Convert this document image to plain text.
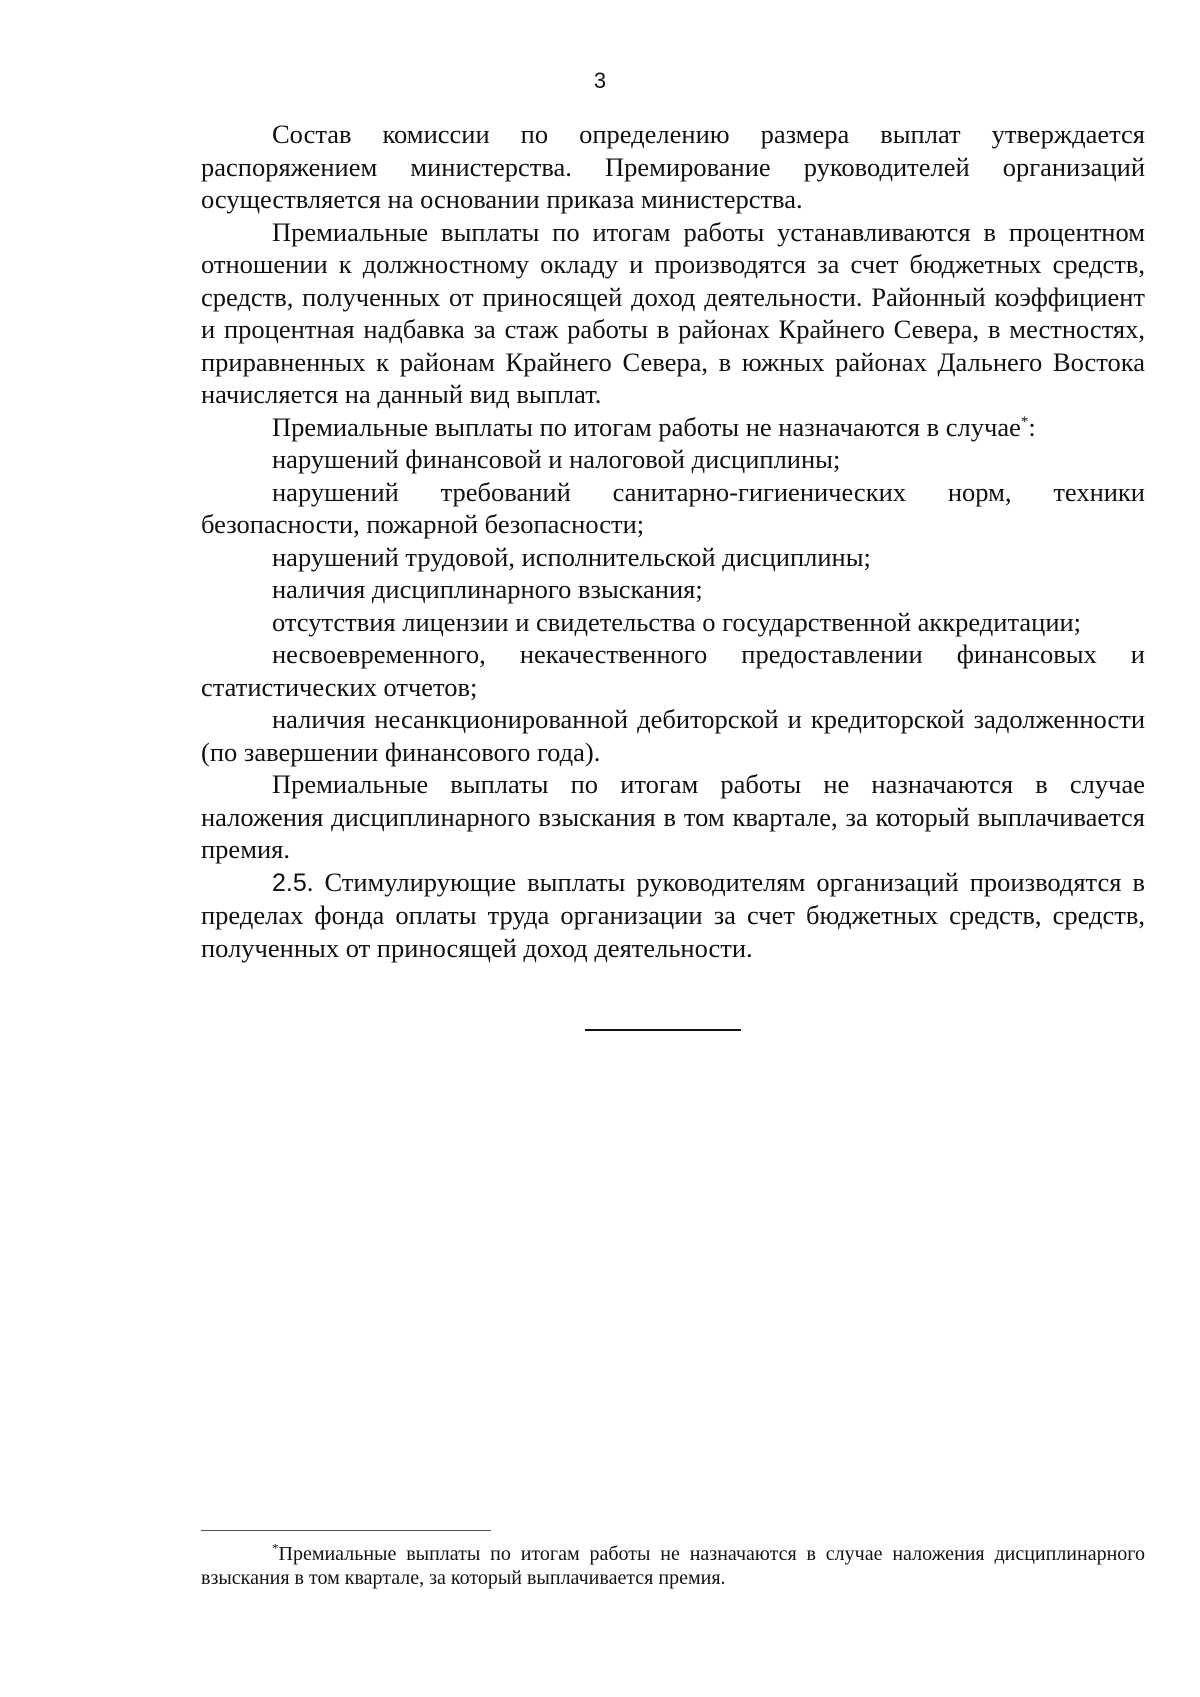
3

Состав комиссии по определению размера выплат утверждается распоряжением министерства. Премирование руководителей организаций осуществляется на основании приказа министерства.

Премиальные выплаты по итогам работы устанавливаются в процентном отношении к должностному окладу и производятся за счет бюджетных средств, средств, полученных от приносящей доход деятельности. Районный коэффициент и процентная надбавка за стаж работы в районах Крайнего Севера, в местностях, приравненных к районам Крайнего Севера, в южных районах Дальнего Востока начисляется на данный вид выплат.

Премиальные выплаты по итогам работы не назначаются в случае*:

нарушений финансовой и налоговой дисциплины;

нарушений требований санитарно-гигиенических норм, техники безопасности, пожарной безопасности;

нарушений трудовой, исполнительской дисциплины;

наличия дисциплинарного взыскания;

отсутствия лицензии и свидетельства о государственной аккредитации;

несвоевременного, некачественного предоставлении финансовых и статистических отчетов;

наличия несанкционированной дебиторской и кредиторской задолженности (по завершении финансового года).

Премиальные выплаты по итогам работы не назначаются в случае наложения дисциплинарного взыскания в том квартале, за который выплачивается премия.

2.5. Стимулирующие выплаты руководителям организаций производятся в пределах фонда оплаты труда организации за счет бюджетных средств, средств, полученных от приносящей доход деятельности.

*Премиальные выплаты по итогам работы не назначаются в случае наложения дисциплинарного взыскания в том квартале, за который выплачивается премия.
